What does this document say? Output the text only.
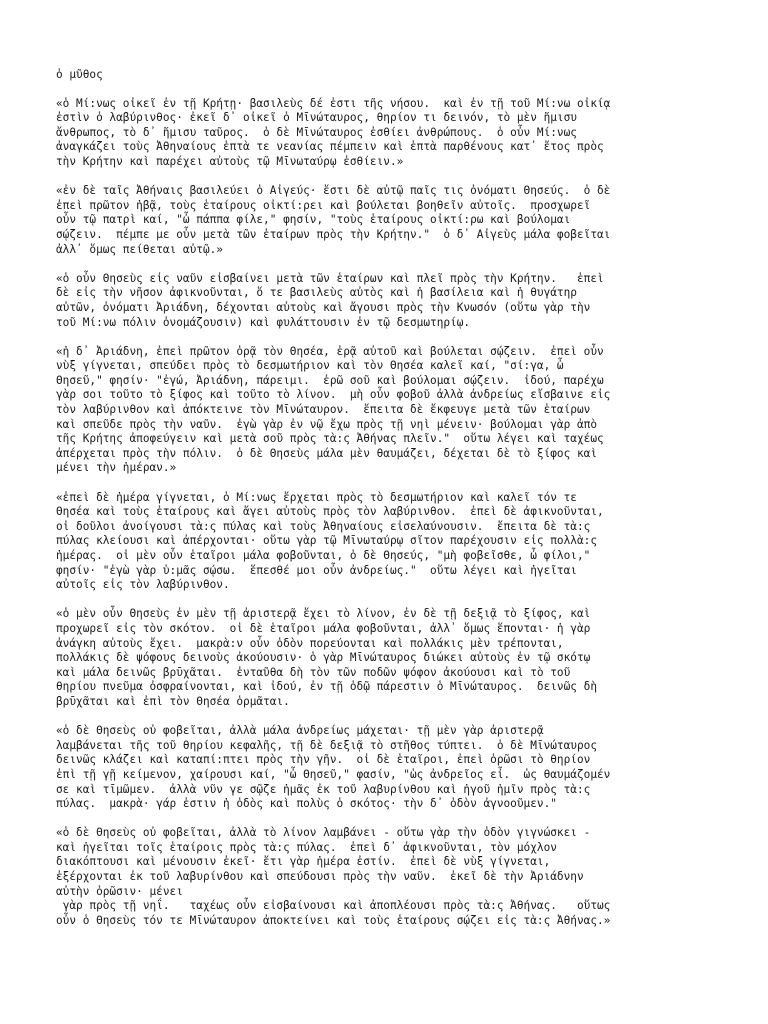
ὁ μῦθος
«ὁ Μί:νως οἰκεῖ ἐν τῇ Κρήτῃ· βασιλεὺς δέ ἐστι τῆς νήσου.  καὶ ἐν τῇ τοῦ Μί:νω οἰκίᾳ
ἐστὶν ὁ λαβύρινθος· ἐκεῖ δ᾽ οἰκεῖ ὁ Μῑνώταυρος, θηρίον τι δεινόν, τὸ μὲν ἥμισυ
ἄνθρωπος, τὸ δ᾽ ἥμισυ ταῦρος.  ὁ δὲ Μῑνώταυρος ἐσθίει ἀνθρώπους.  ὁ οὖν Μί:νως
ἀναγκάζει τοὺς Ἀθηναίους ἑπτὰ τε νεανίας πέμπειν καὶ ἑπτὰ παρθένους κατ᾽ ἔτος πρὸς
τὴν Κρήτην καὶ παρέχει αὐτοὺς τῷ Μῑνωταύρῳ ἐσθίειν.»
«ἐν δὲ ταῖς Ἀθήναις βασιλεύει ὁ Αἰγεύς· ἔστι δὲ αὐτῷ παῖς τις ὀνόματι Θησεύς.  ὁ δὲ
ἐπεὶ πρῶτον ἡβᾷ, τοὺς ἑταίρους οἰκτί:ρει καὶ βούλεται βοηθεῖν αὐτοῖς.  προσχωρεῖ
οὖν τῷ πατρὶ καί, "ὦ πάππα φίλε," φησίν, "τοὺς ἑταίρους οἰκτί:ρω καὶ βούλομαι
σῴζειν.  πέμπε με οὖν μετὰ τῶν ἑταίρων πρὸς τὴν Κρήτην."  ὁ δ᾽ Αἰγεὺς μάλα φοβεῖται
ἀλλ᾽ ὅμως πείθεται αὐτῷ.»
«ὁ οὖν Θησεὺς εἰς ναῦν εἰσβαίνει μετὰ τῶν ἑταίρων καὶ πλεῖ πρὸς τὴν Κρήτην.   ἐπεὶ
δὲ εἰς τὴν νῆσον ἀφικνοῦνται, ὅ τε βασιλεὺς αὐτὸς καὶ ἡ βασίλεια καὶ ἡ θυγάτηρ
αὐτῶν, ὀνόματι Ἀριάδνη, δέχονται αὐτοὺς καὶ ἄγουσι πρὸς τὴν Κνωσόν (οὕτω γὰρ τὴν
τοῦ Μί:νω πόλιν ὀνομάζουσιν) καὶ φυλάττουσιν ἐν τῷ δεσμωτηρίῳ.
«ἡ δ᾽ Ἀριάδνη, ἐπεὶ πρῶτον ὁρᾷ τὸν Θησέα, ἐρᾷ αὐτοῦ καὶ βούλεται σῴζειν.  ἐπεὶ οὖν
νὺξ γίγνεται, σπεύδει πρὸς τὸ δεσμωτήριον καὶ τὸν Θησέα καλεῖ καί, "σί:γα, ὦ
Θησεῦ," φησίν· "ἐγώ, Ἀριάδνη, πάρειμι.  ἐρῶ σοῦ καὶ βούλομαι σῴζειν.  ἰδού, παρέχω
γὰρ σοι τοῦτο τὸ ξίφος καὶ τοῦτο τὸ λίνον.  μὴ οὖν φοβοῦ ἀλλὰ ἀνδρείως εἴσβαινε εἰς
τὸν λαβύρινθον καὶ ἀπόκτεινε τὸν Μῑνώταυρον.  ἔπειτα δὲ ἔκφευγε μετὰ τῶν ἑταίρων
καὶ σπεῦδε πρὸς τὴν ναῦν.  ἐγὼ γὰρ ἐν νῷ ἔχω πρὸς τῇ νηὶ μένειν· βούλομαι γὰρ ἀπὸ
τῆς Κρήτης ἀποφεύγειν καὶ μετὰ σοῦ πρὸς τὰ:ς Ἀθήνας πλεῖν."  οὕτω λέγει καὶ ταχέως
ἀπέρχεται πρὸς τὴν πόλιν.  ὁ δὲ Θησεὺς μάλα μὲν θαυμάζει, δέχεται δὲ τὸ ξίφος καὶ
μένει τὴν ἡμέραν.»
«ἐπεὶ δὲ ἡμέρα γίγνεται, ὁ Μί:νως ἔρχεται πρὸς τὸ δεσμωτήριον καὶ καλεῖ τόν τε
Θησέα καὶ τοὺς ἑταίρους καὶ ἄγει αὐτοὺς πρὸς τὸν λαβύρινθον.  ἐπεὶ δὲ ἀφικνοῦνται,
οἱ δοῦλοι ἀνοίγουσι τὰ:ς πύλας καὶ τοὺς Ἀθηναίους εἰσελαύνουσιν.  ἔπειτα δὲ τὰ:ς
πύλας κλείουσι καὶ ἀπέρχονται· οὕτω γὰρ τῷ Μῑνωταύρῳ σῖτον παρέχουσιν εἰς πολλὰ:ς
ἡμέρας.  οἱ μὲν οὖν ἑταῖροι μάλα φοβοῦνται, ὁ δὲ Θησεύς, "μὴ φοβεῖσθε, ὦ φίλοι,"
φησίν· "ἐγὼ γὰρ ὑ:μᾶς σῴσω.  ἕπεσθέ μοι οὖν ἀνδρείως."  οὕτω λέγει καὶ ἡγεῖται
αὐτοῖς εἰς τὸν λαβύρινθον.
«ὁ μὲν οὖν Θησεὺς ἐν μὲν τῇ ἀριστερᾷ ἔχει τὸ λίνον, ἐν δὲ τῇ δεξιᾷ τὸ ξίφος, καὶ
προχωρεῖ εἰς τὸν σκότον.  οἱ δὲ ἑταῖροι μάλα φοβοῦνται, ἀλλ᾽ ὅμως ἕπονται· ἡ γὰρ
ἀνάγκη αὐτοὺς ἔχει.  μακρὰ:ν οὖν ὁδὸν πορεύονται καὶ πολλάκις μὲν τρέπονται,
πολλάκις δὲ ψόφους δεινοὺς ἀκούουσιν· ὁ γὰρ Μῑνώταυρος διώκει αὐτοὺς ἐν τῷ σκότῳ
καὶ μάλα δεινῶς βρῡχᾶται.  ἐνταῦθα δὴ τὸν τῶν ποδῶν ψόφον ἀκούουσι καὶ τὸ τοῦ
θηρίου πνεῦμα ὀσφραίνονται, καὶ ἰδού, ἐν τῇ ὁδῷ πάρεστιν ὁ Μῑνώταυρος.  δεινῶς δὴ
βρῡχᾶται καὶ ἐπὶ τὸν Θησέα ὁρμᾶται.
«ὁ δὲ Θησεὺς οὐ φοβεῖται, ἀλλὰ μάλα ἀνδρείως μάχεται· τῇ μὲν γὰρ ἀριστερᾷ
λαμβάνεται τῆς τοῦ θηρίου κεφαλῆς, τῇ δὲ δεξιᾷ τὸ στῆθος τύπτει.  ὁ δὲ Μῑνώταυρος
δεινῶς κλάζει καὶ καταπί:πτει πρὸς τὴν γῆν.  οἱ δὲ ἑταῖροι, ἐπεὶ ὁρῶσι τὸ θηρίον
ἐπὶ τῇ γῇ κείμενον, χαίρουσι καί, "ὦ Θησεῦ," φασίν, "ὡς ἀνδρεῖος εἶ.  ὡς θαυμάζομέν
σε καὶ τῑμῶμεν.  ἀλλὰ νῦν γε σῷζε ἡμᾶς ἐκ τοῦ λαβυρίνθου καὶ ἡγοῦ ἡμῖν πρὸς τὰ:ς
πύλας.  μακρὰ· γάρ ἐστιν ἡ ὁδὸς καὶ πολὺς ὁ σκότος· τὴν δ᾽ ὁδὸν ἀγνοοῦμεν."
«ὁ δὲ Θησεὺς οὐ φοβεῖται, ἀλλὰ τὸ λίνον λαμβάνει - οὕτω γὰρ τὴν ὁδὸν γιγνώσκει -
καὶ ἡγεῖται τοῖς ἑταίροις πρὸς τὰ:ς πύλας.  ἐπεὶ δ᾽ ἀφικνοῦνται, τὸν μόχλον
διακόπτουσι καὶ μένουσιν ἐκεῖ· ἔτι γὰρ ἡμέρα ἐστίν.  ἐπεὶ δὲ νὺξ γίγνεται,
ἐξέρχονται ἐκ τοῦ λαβυρίνθου καὶ σπεύδουσι πρὸς τὴν ναῦν.  ἐκεῖ δὲ τὴν Ἀριάδνην
αὐτὴν ὁρῶσιν· μένει
γὰρ πρὸς τῇ νηΐ.   ταχέως οὖν εἰσβαίνουσι καὶ ἀποπλέουσι πρὸς τὰ:ς Ἀθήνας.   οὕτως
οὖν ὁ Θησεὺς τόν τε Μῑνώταυρον ἀποκτείνει καὶ τοὺς ἑταίρους σῴζει εἰς τὰ:ς Ἀθήνας.»
